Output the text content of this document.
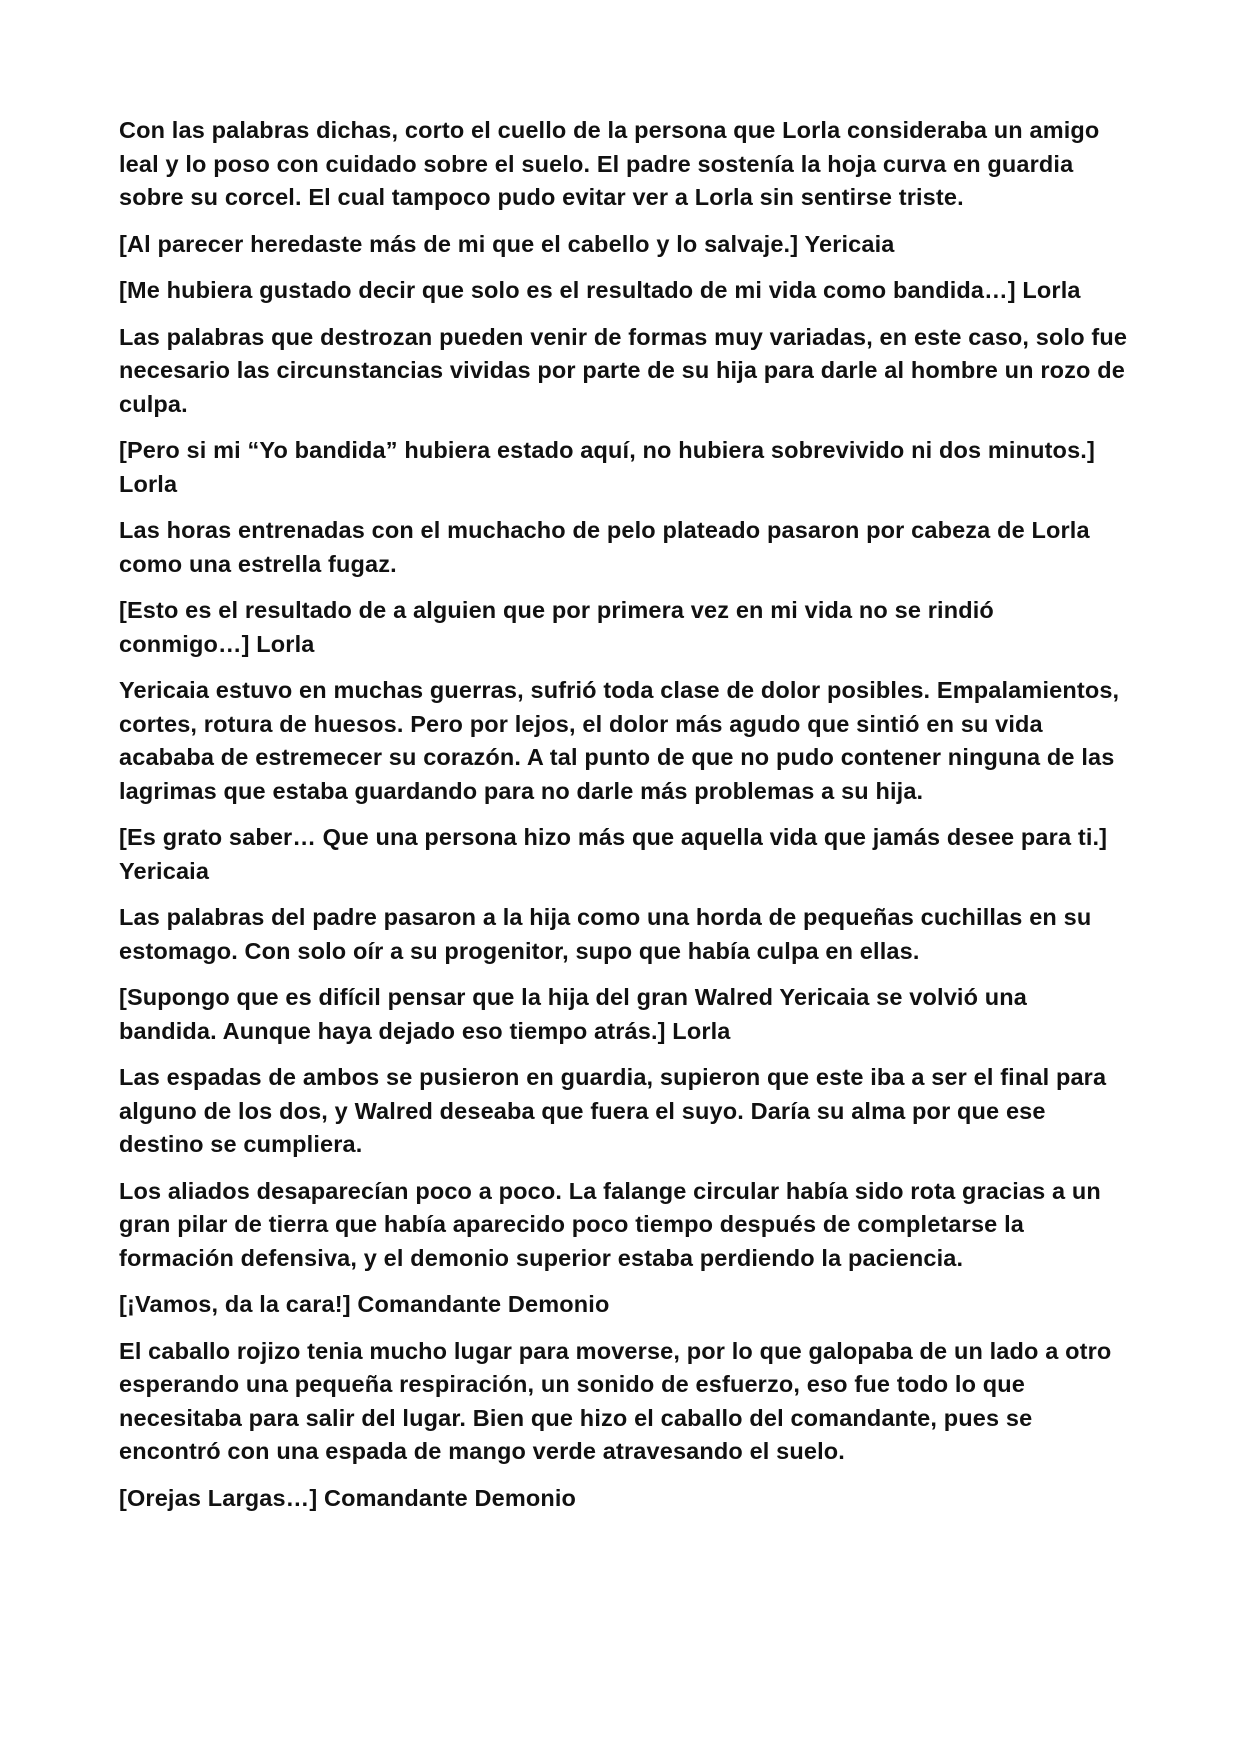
Con las palabras dichas, corto el cuello de la persona que Lorla consideraba un amigo leal y lo poso con cuidado sobre el suelo. El padre sostenía la hoja curva en guardia sobre su corcel. El cual tampoco pudo evitar ver a Lorla sin sentirse triste.

[Al parecer heredaste más de mi que el cabello y lo salvaje.] Yericaia

[Me hubiera gustado decir que solo es el resultado de mi vida como bandida…] Lorla

Las palabras que destrozan pueden venir de formas muy variadas, en este caso, solo fue necesario las circunstancias vividas por parte de su hija para darle al hombre un rozo de culpa.

[Pero si mi “Yo bandida” hubiera estado aquí, no hubiera sobrevivido ni dos minutos.] Lorla

Las horas entrenadas con el muchacho de pelo plateado pasaron por cabeza de Lorla como una estrella fugaz.

[Esto es el resultado de a alguien que por primera vez en mi vida no se rindió conmigo…] Lorla

Yericaia estuvo en muchas guerras, sufrió toda clase de dolor posibles. Empalamientos, cortes, rotura de huesos. Pero por lejos, el dolor más agudo que sintió en su vida acababa de estremecer su corazón. A tal punto de que no pudo contener ninguna de las lagrimas que estaba guardando para no darle más problemas a su hija.

[Es grato saber… Que una persona hizo más que aquella vida que jamás desee para ti.] Yericaia

Las palabras del padre pasaron a la hija como una horda de pequeñas cuchillas en su estomago. Con solo oír a su progenitor, supo que había culpa en ellas.

[Supongo que es difícil pensar que la hija del gran Walred Yericaia se volvió una bandida. Aunque haya dejado eso tiempo atrás.] Lorla

Las espadas de ambos se pusieron en guardia, supieron que este iba a ser el final para alguno de los dos, y Walred deseaba que fuera el suyo. Daría su alma por que ese destino se cumpliera.

Los aliados desaparecían poco a poco. La falange circular había sido rota gracias a un gran pilar de tierra que había aparecido poco tiempo después de completarse la formación defensiva, y el demonio superior estaba perdiendo la paciencia.

[¡Vamos, da la cara!] Comandante Demonio

El caballo rojizo tenia mucho lugar para moverse, por lo que galopaba de un lado a otro esperando una pequeña respiración, un sonido de esfuerzo, eso fue todo lo que necesitaba para salir del lugar. Bien que hizo el caballo del comandante, pues se encontró con una espada de mango verde atravesando el suelo.

[Orejas Largas…] Comandante Demonio
